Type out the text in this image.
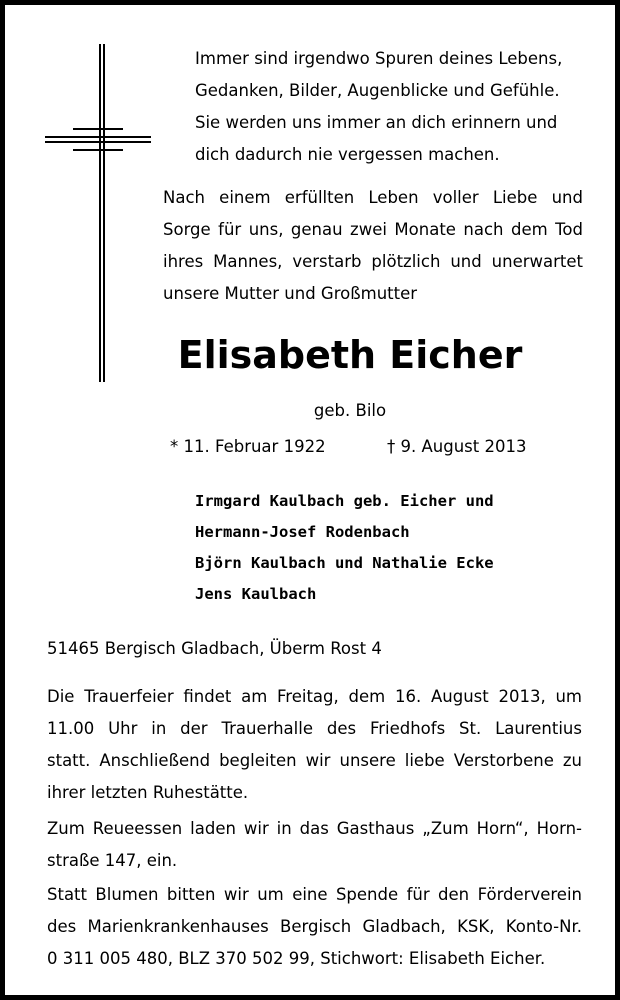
Immer sind irgendwo Spuren deines Lebens,
Gedanken, Bilder, Augenblicke und Gefühle.
Sie werden uns immer an dich erinnern und
dich dadurch nie vergessen machen.
Nach einem erfüllten Leben voller Liebe und
Sorge für uns, genau zwei Monate nach dem Tod
ihres Mannes, verstarb plötzlich und unerwartet
unsere Mutter und Großmutter
Elisabeth Eicher
geb. Bilo
* 11. Februar 1922	† 9. August 2013
Irmgard Kaulbach geb. Eicher und
Hermann-Josef Rodenbach
Björn Kaulbach und Nathalie Ecke
Jens Kaulbach
51465 Bergisch Gladbach, Überm Rost 4
Die Trauerfeier findet am Freitag, dem 16. August 2013, um
11.00 Uhr in der Trauerhalle des Friedhofs St. Laurentius
statt. Anschließend begleiten wir unsere liebe Verstorbene zu
ihrer letzten Ruhestätte.
Zum Reueessen laden wir in das Gasthaus „Zum Horn“, Horn-
straße 147, ein.
Statt Blumen bitten wir um eine Spende für den Förderverein
des Marienkrankenhauses Bergisch Gladbach, KSK, Konto-Nr.
0 311 005 480, BLZ 370 502 99, Stichwort: Elisabeth Eicher.
